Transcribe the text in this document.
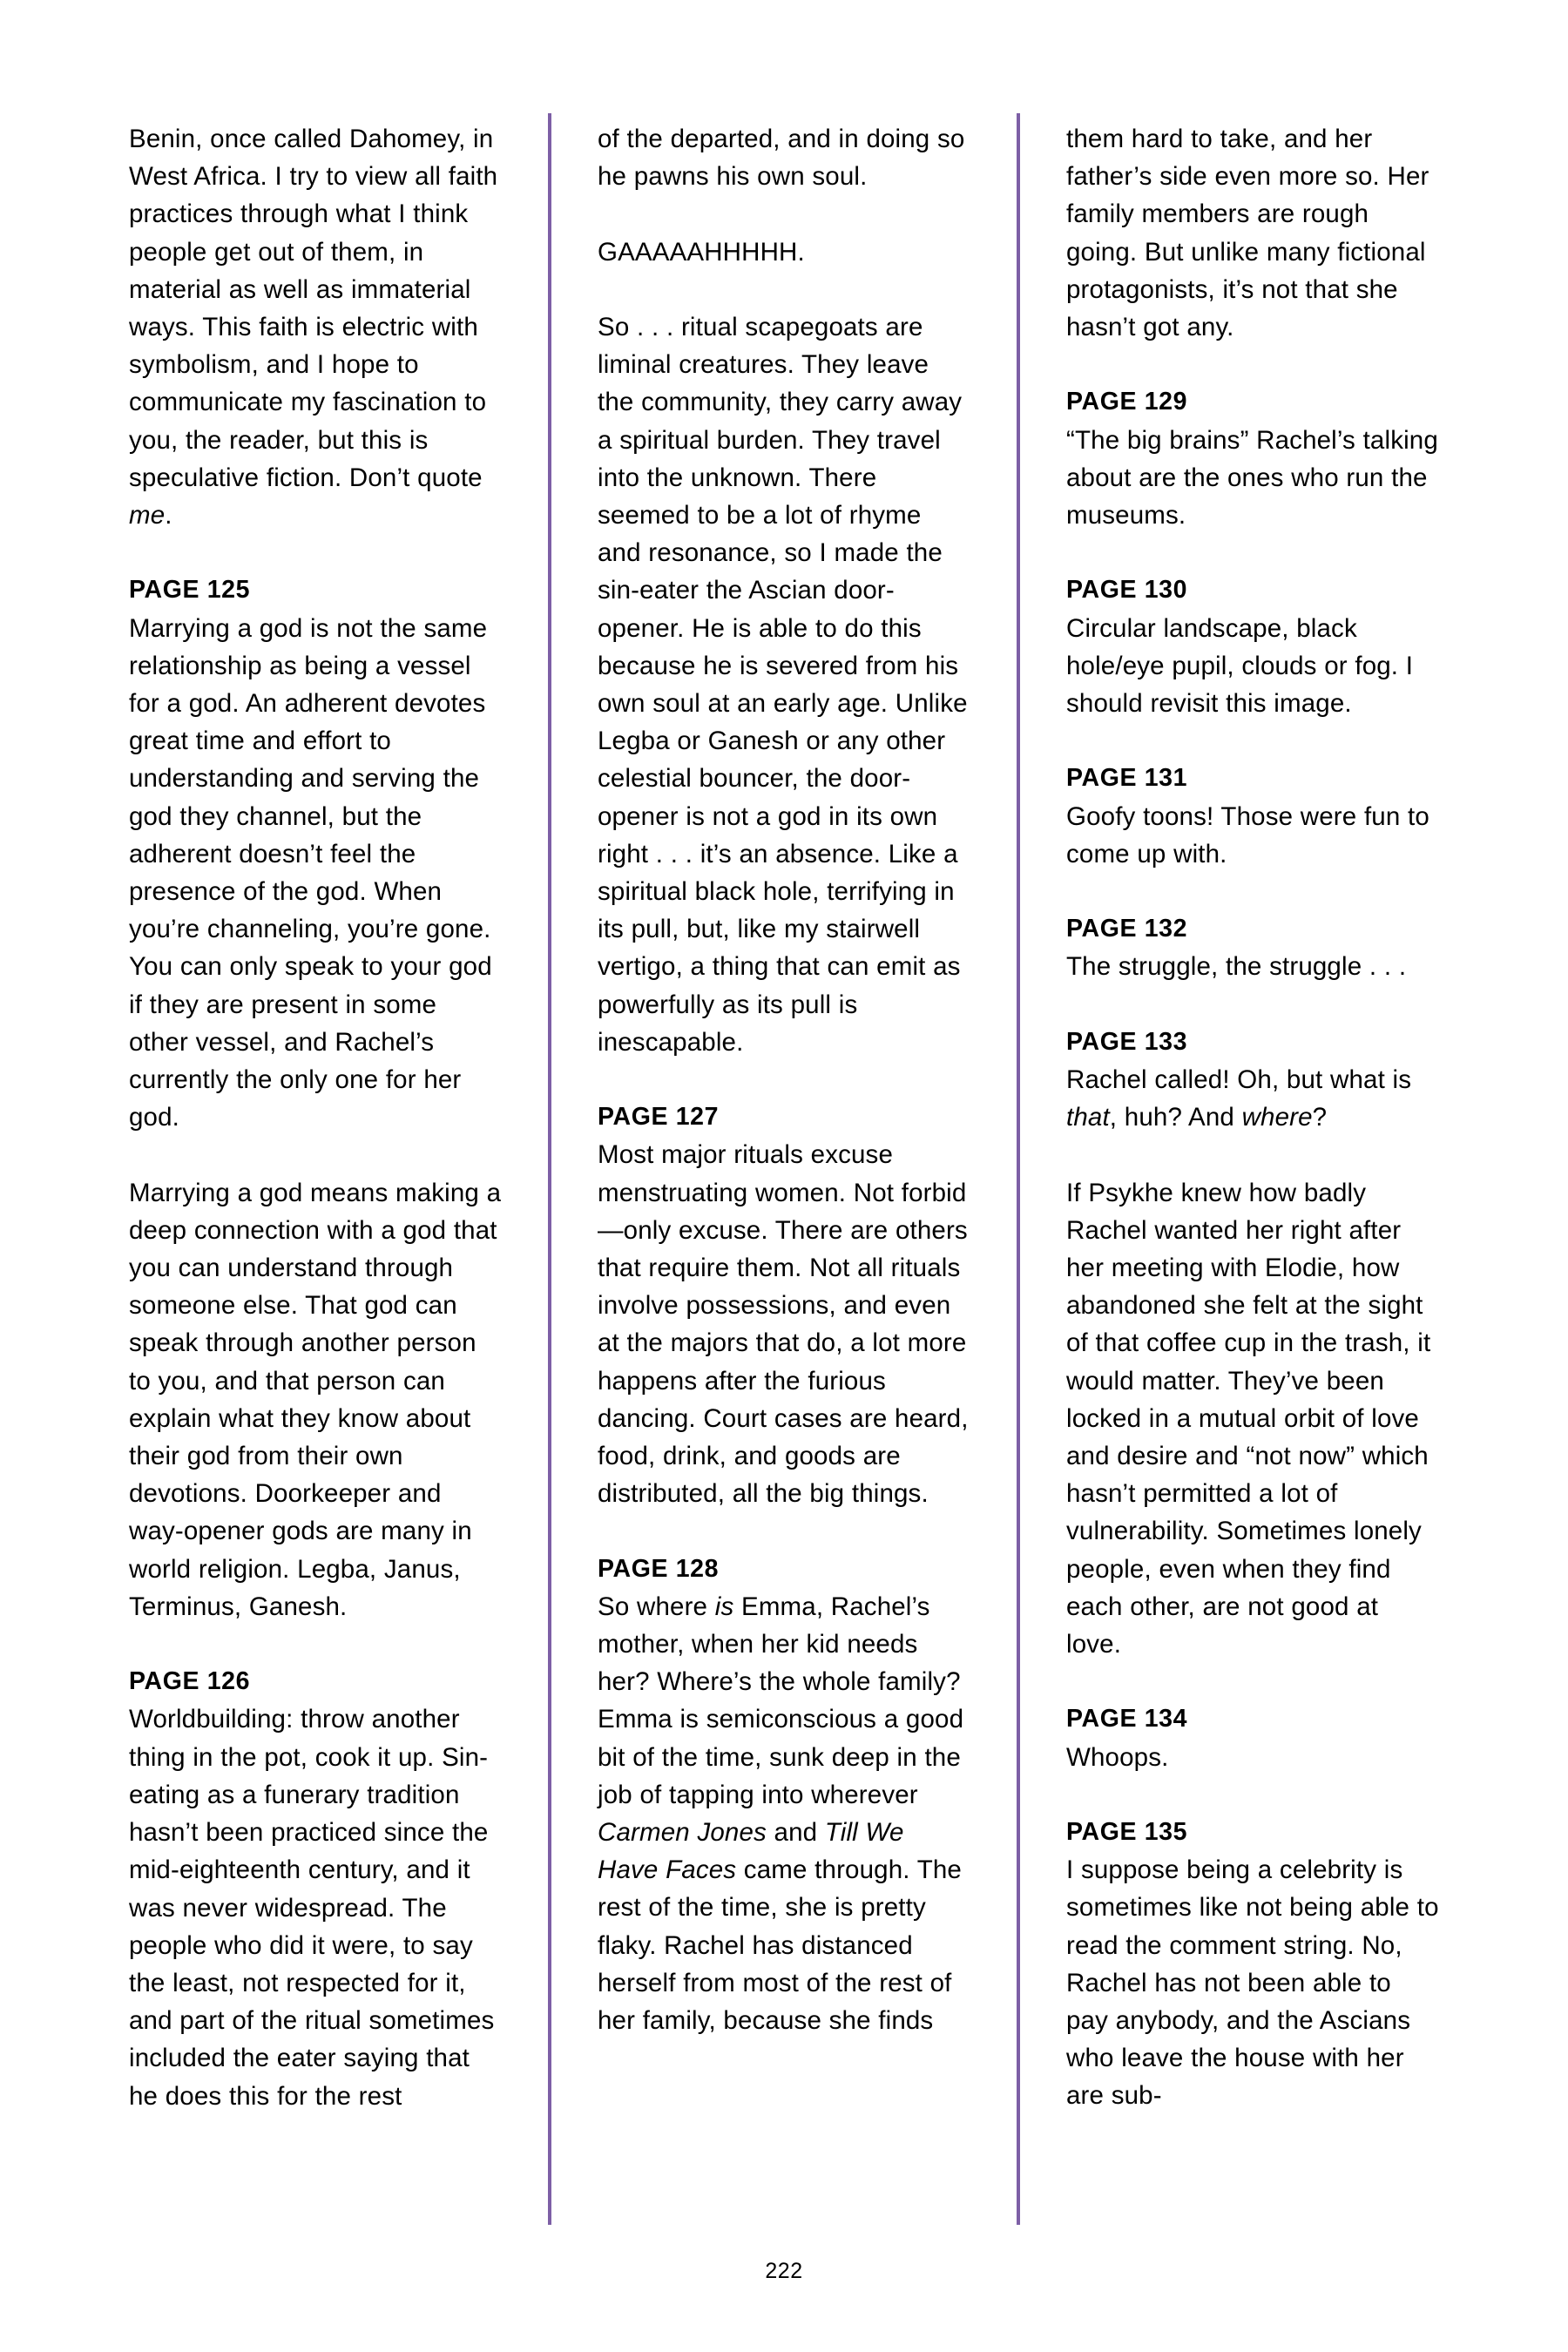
Benin, once called Dahomey, in West Africa. I try to view all faith practices through what I think people get out of them, in material as well as immaterial ways. This faith is electric with symbolism, and I hope to communicate my fascination to you, the reader, but this is speculative fiction. Don’t quote me.

PAGE 125

Marrying a god is not the same relationship as being a vessel for a god. An adherent devotes great time and effort to understanding and serving the god they channel, but the adherent doesn’t feel the presence of the god. When you’re channeling, you’re gone. You can only speak to your god if they are present in some other vessel, and Rachel’s currently the only one for her god.

Marrying a god means making a deep connection with a god that you can understand through someone else. That god can speak through another person to you, and that person can explain what they know about their god from their own devotions. Doorkeeper and way-opener gods are many in world religion. Legba, Janus, Terminus, Ganesh.

PAGE 126

Worldbuilding: throw another thing in the pot, cook it up. Sin-eating as a funerary tradition hasn’t been practiced since the mid-eighteenth century, and it was never widespread. The people who did it were, to say the least, not respected for it, and part of the ritual sometimes included the eater saying that he does this for the rest

of the departed, and in doing so he pawns his own soul.

GAAAAAHHHHH.

So . . . ritual scapegoats are liminal creatures. They leave the community, they carry away a spiritual burden. They travel into the unknown. There seemed to be a lot of rhyme and resonance, so I made the sin-eater the Ascian door-opener. He is able to do this because he is severed from his own soul at an early age. Unlike Legba or Ganesh or any other celestial bouncer, the door-opener is not a god in its own right . . . it’s an absence. Like a spiritual black hole, terrifying in its pull, but, like my stairwell vertigo, a thing that can emit as powerfully as its pull is inescapable.

PAGE 127

Most major rituals excuse menstruating women. Not forbid—only excuse. There are others that require them. Not all rituals involve possessions, and even at the majors that do, a lot more happens after the furious dancing. Court cases are heard, food, drink, and goods are distributed, all the big things.

PAGE 128

So where is Emma, Rachel’s mother, when her kid needs her? Where’s the whole family? Emma is semiconscious a good bit of the time, sunk deep in the job of tapping into wherever Carmen Jones and Till We Have Faces came through. The rest of the time, she is pretty flaky. Rachel has distanced herself from most of the rest of her family, because she finds

them hard to take, and her father’s side even more so. Her family members are rough going. But unlike many fictional protagonists, it’s not that she hasn’t got any.

PAGE 129

“The big brains” Rachel’s talking about are the ones who run the museums.

PAGE 130

Circular landscape, black hole/eye pupil, clouds or fog. I should revisit this image.

PAGE 131

Goofy toons! Those were fun to come up with.

PAGE 132

The struggle, the struggle . . .

PAGE 133

Rachel called! Oh, but what is that, huh? And where?

If Psykhe knew how badly Rachel wanted her right after her meeting with Elodie, how abandoned she felt at the sight of that coffee cup in the trash, it would matter. They’ve been locked in a mutual orbit of love and desire and “not now” which hasn’t permitted a lot of vulnerability. Sometimes lonely people, even when they find each other, are not good at love.

PAGE 134

Whoops.

PAGE 135

I suppose being a celebrity is sometimes like not being able to read the comment string. No, Rachel has not been able to pay anybody, and the Ascians who leave the house with her are sub-

222
